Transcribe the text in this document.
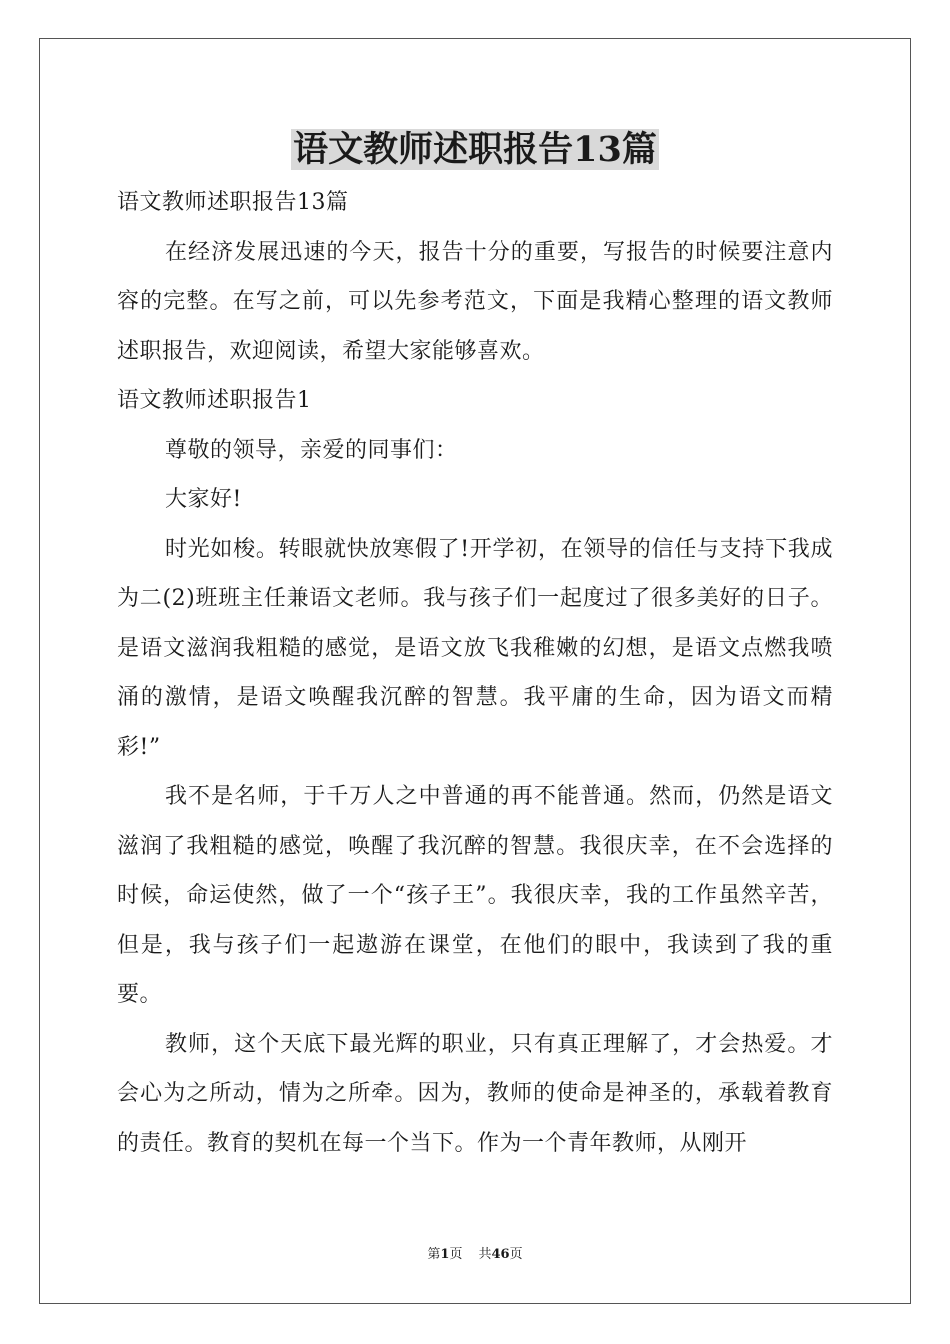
语文教师述职报告13篇

语文教师述职报告13篇

在经济发展迅速的今天，报告十分的重要，写报告的时候要注意内容的完整。在写之前，可以先参考范文，下面是我精心整理的语文教师述职报告，欢迎阅读，希望大家能够喜欢。

语文教师述职报告1

尊敬的领导，亲爱的同事们：

大家好!

时光如梭。转眼就快放寒假了!开学初，在领导的信任与支持下我成为二(2)班班主任兼语文老师。我与孩子们一起度过了很多美好的日子。是语文滋润我粗糙的感觉，是语文放飞我稚嫩的幻想，是语文点燃我喷涌的激情，是语文唤醒我沉醉的智慧。我平庸的生命，因为语文而精彩!”

我不是名师，于千万人之中普通的再不能普通。然而，仍然是语文滋润了我粗糙的感觉，唤醒了我沉醉的智慧。我很庆幸，在不会选择的时候，命运使然，做了一个“孩子王”。我很庆幸，我的工作虽然辛苦，但是，我与孩子们一起遨游在课堂，在他们的眼中，我读到了我的重要。

教师，这个天底下最光辉的职业，只有真正理解了，才会热爱。才会心为之所动，情为之所牵。因为，教师的使命是神圣的，承载着教育的责任。教育的契机在每一个当下。作为一个青年教师，从刚开

第1页 共46页
